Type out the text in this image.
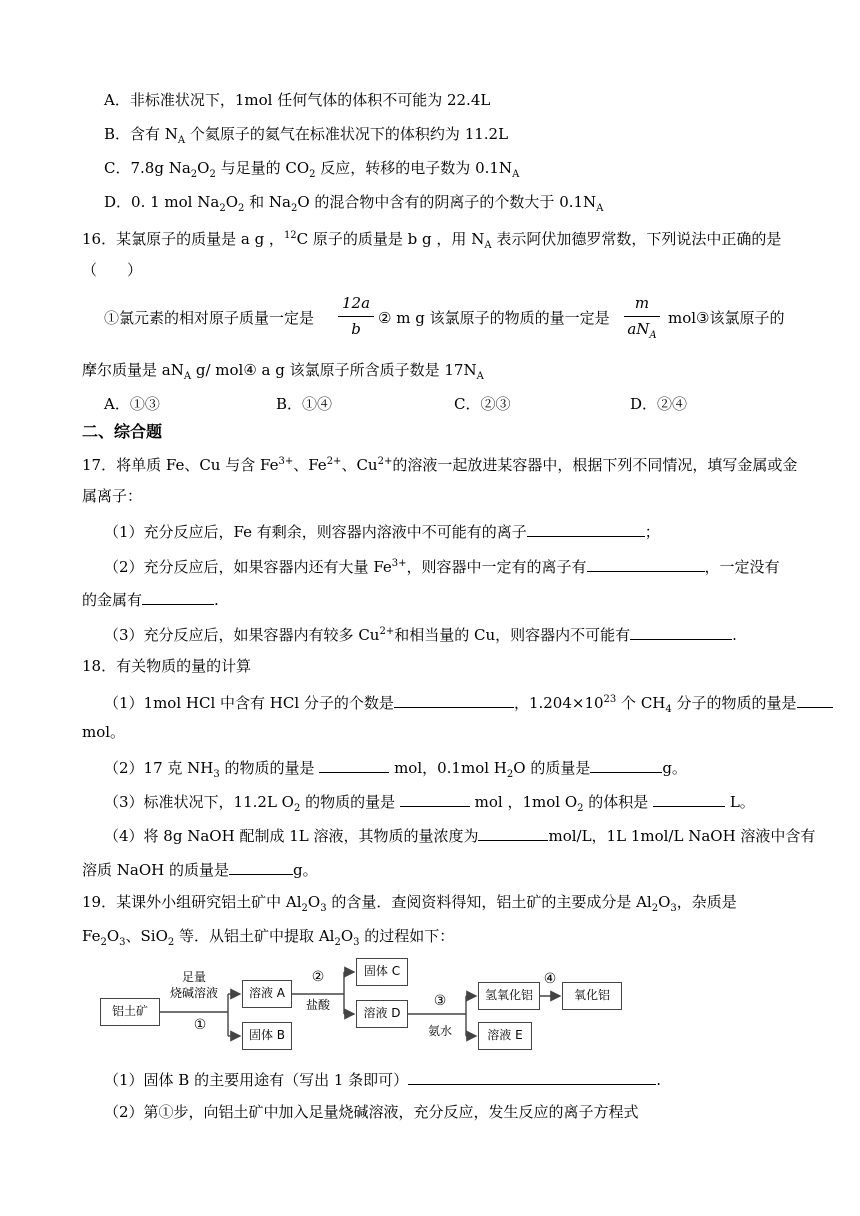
A．非标准状况下，1mol 任何气体的体积不可能为 22.4L
B．含有 $N_A$ 个氦原子的氦气在标准状况下的体积约为 11.2L
C．7.8g $Na_2O_2$ 与足量的 $CO_2$ 反应，转移的电子数为 $0.1N_A$
D．0. 1 mol $Na_2O_2$ 和 $Na_2O$ 的混合物中含有的阴离子的个数大于 $0.1N_A$
16．某氯原子的质量是 a g ，$^{12}$C 原子的质量是 b g ，用 $N_A$ 表示阿伏加德罗常数，下列说法中正确的是
（　　）
①氯元素的相对原子质量一定是
12a
b
② m g 该氯原子的物质的量一定是
m
$aN_A$
mol③该氯原子的
摩尔质量是 $aN_A$ g/ mol④ a g 该氯原子所含质子数是 $17N_A$
A．①③	B．①④	C．②③	D．②④
二、综合题
17．将单质 Fe、Cu 与含 $Fe^{3+}$、$Fe^{2+}$、$Cu^{2+}$的溶液一起放进某容器中，根据下列不同情况，填写金属或金
属离子：
（1）充分反应后，Fe 有剩余，则容器内溶液中不可能有的离子	；
（2）充分反应后，如果容器内还有大量 $Fe^{3+}$，则容器中一定有的离子有	，一定没有
的金属有	.
（3）充分反应后，如果容器内有较多 $Cu^{2+}$和相当量的 Cu，则容器内不可能有	.
18．有关物质的量的计算
（1）1mol HCl 中含有 HCl 分子的个数是	，$1.204\times 10^{23}$ 个 $CH_4$ 分子的物质的量是
mol。
（2）17 克 $NH_3$ 的物质的量是	mol，0.1mol $H_2O$ 的质量是	g。
（3）标准状况下，11.2L $O_2$ 的物质的量是	mol ，1mol $O_2$ 的体积是	L。
（4）将 8g NaOH 配制成 1L 溶液，其物质的量浓度为	mol/L，1L 1mol/L NaOH 溶液中含有
溶质 NaOH 的质量是	g。
19．某课外小组研究铝土矿中 $Al_2O_3$ 的含量．查阅资料得知，铝土矿的主要成分是 $Al_2O_3$，杂质是
$Fe_2O_3$、SiO$_2$ 等．从铝土矿中提取 $Al_2O_3$ 的过程如下：
铝土矿
足量
烧碱溶液
①
溶液 A
固体 B
②
盐酸
固体 C
溶液 D
③
氨水
氢氧化铝
溶液 E
④
氧化铝
（1）固体 B 的主要用途有（写出 1 条即可）	.
（2）第①步，向铝土矿中加入足量烧碱溶液，充分反应，发生反应的离子方程式
